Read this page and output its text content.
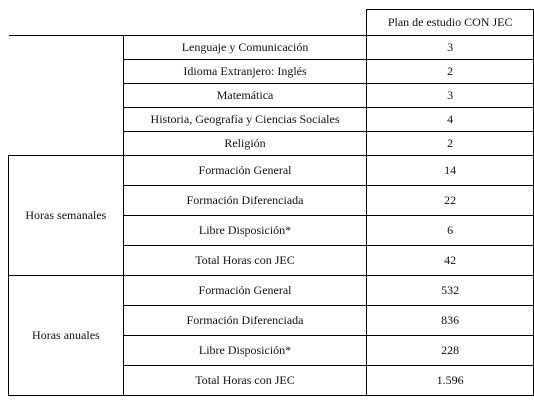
		Plan de estudio CON JEC
	Lenguaje y Comunicación	3
	Idioma Extranjero: Inglés	2
	Matemática	3
	Historia, Geografía y Ciencias Sociales	4
	Religión	2
Horas semanales	Formación General	14
	Formación Diferenciada	22
	Libre Disposición*	6
	Total Horas con JEC	42
Horas anuales	Formación General	532
	Formación Diferenciada	836
	Libre Disposición*	228
	Total Horas con JEC	1.596
